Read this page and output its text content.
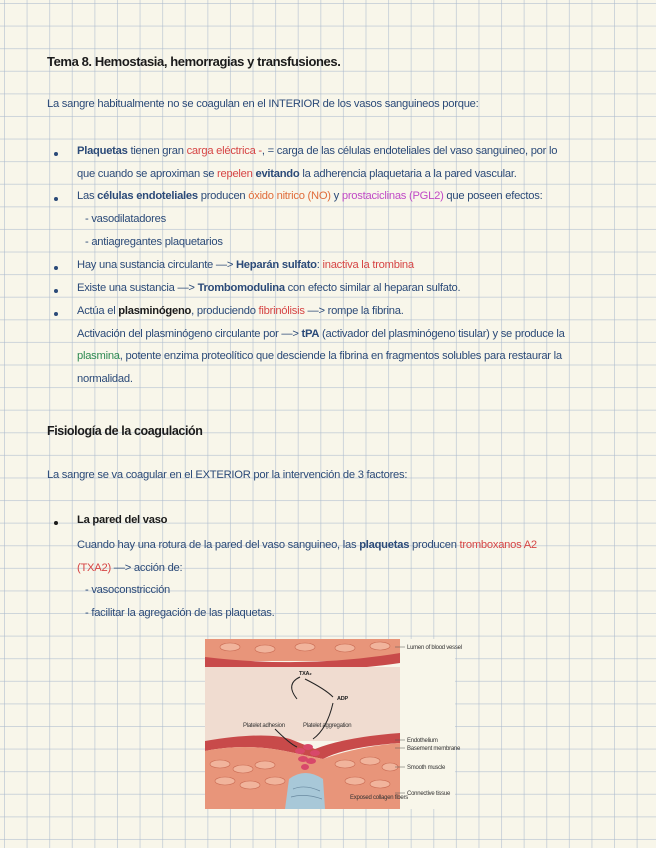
Tema 8. Hemostasia, hemorragias y transfusiones.
La sangre habitualmente no se coagulan en el INTERIOR de los vasos sanguineos porque:
Plaquetas tienen gran carga eléctrica -, = carga de las células endoteliales del vaso sanguineo, por lo
que cuando se aproximan se repelen evitando la adherencia plaquetaria a la pared vascular.
Las células endoteliales producen óxido nitrico (NO) y prostaciclinas (PGL2) que poseen efectos:
- vasodilatadores
- antiagregantes plaquetarios
Hay una sustancia circulante —> Heparán sulfato: inactiva la trombina
Existe una sustancia —> Trombomodulina con efecto similar al heparan sulfato.
Actúa el plasminógeno, produciendo fibrinólisis —> rompe la fibrina.
Activación del plasminógeno circulante por —> tPA (activador del plasminógeno tisular) y se produce la
plasmina, potente enzima proteolítico que desciende la fibrina en fragmentos solubles para restaurar la
normalidad.
Fisiología de la coagulación
La sangre se va coagular en el EXTERIOR por la intervención de 3 factores:
La pared del vaso
Cuando hay una rotura de la pared del vaso sanguineo, las plaquetas producen tromboxanos A2
(TXA2) —> acción de:
- vasoconstricción
- facilitar la agregación de las plaquetas.
TXA₂
ADP
Platelet adhesion	Platelet aggregation
Exposed collagen fibers
Lumen of blood vessel
Endothelium
Basement membrane
Smooth muscle
Connective tissue
